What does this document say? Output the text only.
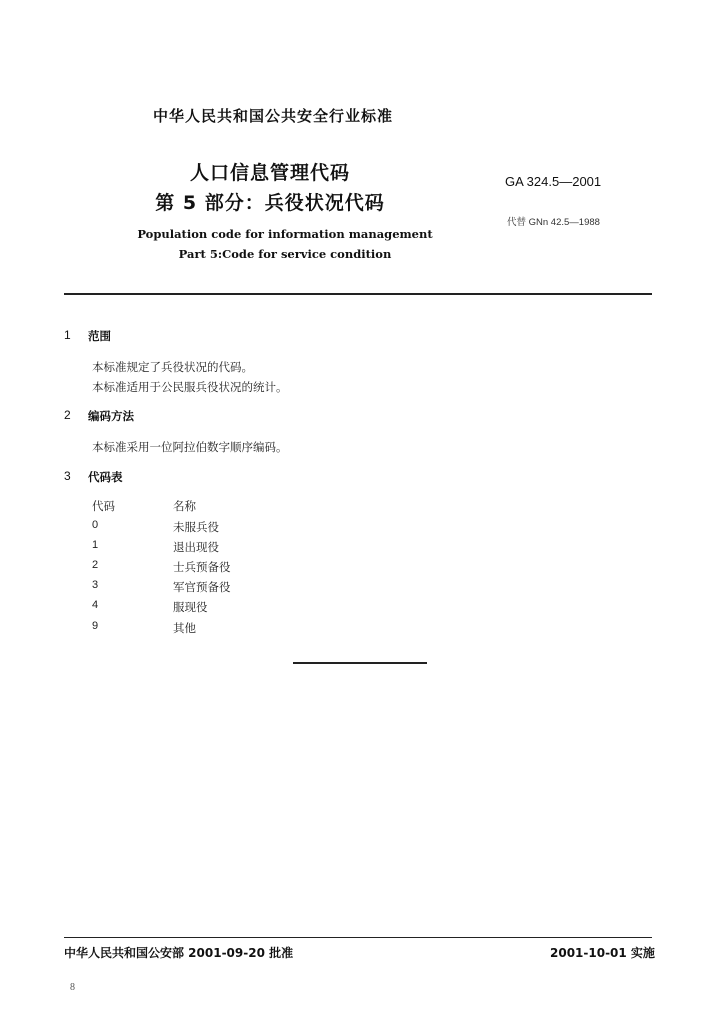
中华人民共和国公共安全行业标准
人口信息管理代码
第 5 部分：兵役状况代码
Population code for information management
Part 5:Code for service condition
GA 324.5—2001
代替 GNn 42.5—1988
1 范围
本标准规定了兵役状况的代码。
本标准适用于公民服兵役状况的统计。
2 编码方法
本标准采用一位阿拉伯数字顺序编码。
3 代码表
代码	名称
0	未服兵役
1	退出现役
2	士兵预备役
3	军官预备役
4	服现役
9	其他
中华人民共和国公安部 2001-09-20 批准	2001-10-01 实施
8
